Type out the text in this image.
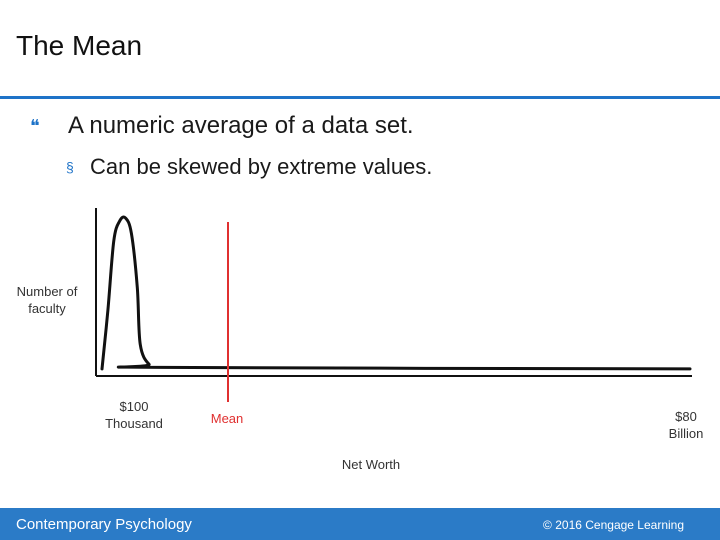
The Mean
❝	A numeric average of a data set.
§ Can be skewed by extreme values.
Number of
faculty
Net Worth
$100 Thousand	Mean	$80 Billion
Contemporary Psychology	© 2016 Cengage Learning
